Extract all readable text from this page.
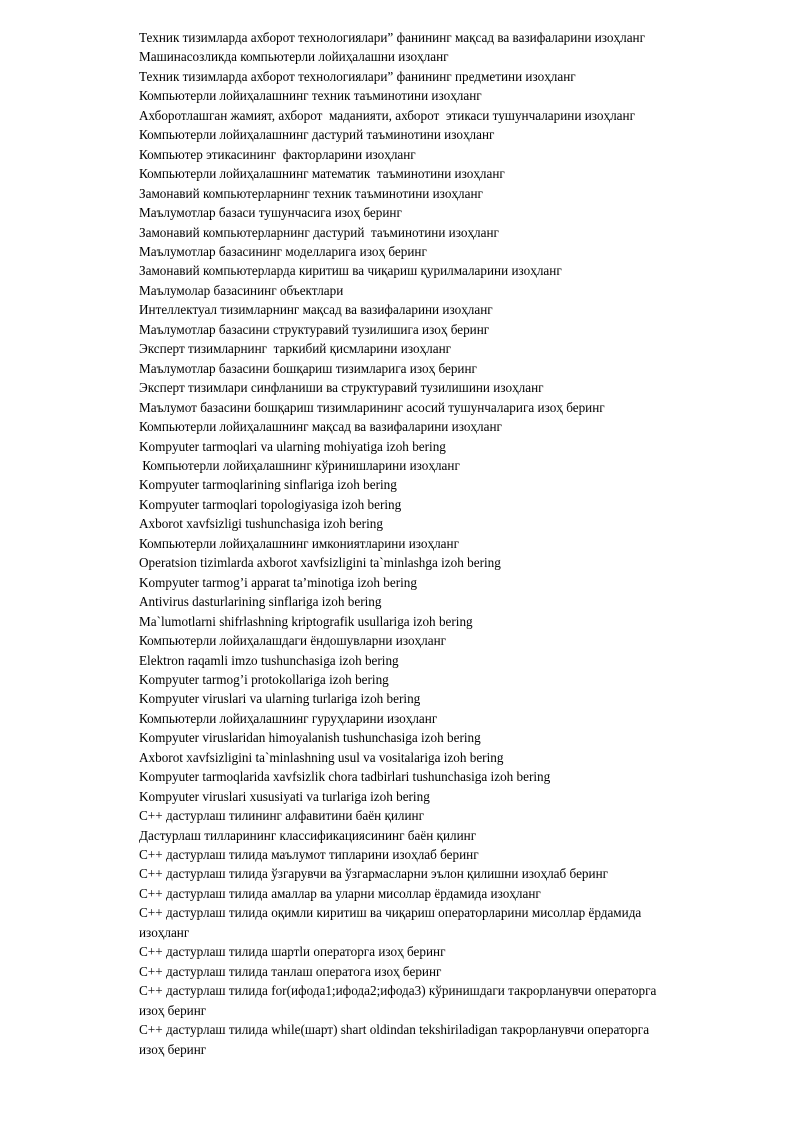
Техник тизимларда ахборот технологиялари” фанининг мақсад ва вазифаларини изоҳланг
Машинасозликда компьютерли лойиҳалашни изоҳланг
Техник тизимларда ахборот технологиялари” фанининг предметини изоҳланг
Компьютерли лойиҳалашнинг техник таъминотини изоҳланг
Ахборотлашган жамият, ахборот  маданияти, ахборот  этикаси тушунчаларини изоҳланг
Компьютерли лойиҳалашнинг дастурий таъминотини изоҳланг
Компьютер этикасининг  факторларини изоҳланг
Компьютерли лойиҳалашнинг математик  таъминотини изоҳланг
Замонавий компьютерларнинг техник таъминотини изоҳланг
Маълумотлар базаси тушунчасига изоҳ беринг
Замонавий компьютерларнинг дастурий  таъминотини изоҳланг
Маълумотлар базасининг моделларига изоҳ беринг
Замонавий компьютерларда киритиш ва чиқариш қурилмаларини изоҳланг
Маълумолар базасининг объектлари
Интеллектуал тизимларнинг мақсад ва вазифаларини изоҳланг
Маълумотлар базасини структуравий тузилишига изоҳ беринг
Эксперт тизимларнинг  таркибий қисмларини изоҳланг
Маълумотлар базасини бошқариш тизимларига изоҳ беринг
Эксперт тизимлари синфланиши ва структуравий тузилишини изоҳланг
Маълумот базасини бошқариш тизимларининг асосий тушунчаларига изоҳ беринг
Компьютерли лойиҳалашнинг мақсад ва вазифаларини изоҳланг
Kompyuter tarmoqlari va ularning mohiyatiga izoh bering
Компьютерли лойиҳалашнинг кўринишларини изоҳланг
Kompyuter tarmoqlarining sinflariga izoh bering
Kompyuter tarmoqlari topologiyasiga izoh bering
Axborot xavfsizligi tushunchasiga izoh bering
Компьютерли лойиҳалашнинг имкониятларини изоҳланг
Operatsion tizimlarda axborot xavfsizligini ta`minlashga izoh bering
Kompyuter tarmog’i apparat ta’minotiga izoh bering
Antivirus dasturlarining sinflariga izoh bering
Ma`lumotlarni shifrlashning kriptografik usullariga izoh bering
Компьютерли лойиҳалашдаги ёндошувларни изоҳланг
Elektron raqamli imzo tushunchasiga izoh bering
Kompyuter tarmog’i protokollariga izoh bering
Kompyuter viruslari va ularning turlariga izoh bering
Компьютерли лойиҳалашнинг гуруҳларини изоҳланг
Kompyuter viruslaridan himoyalanish tushunchasiga izoh bering
Axborot xavfsizligini ta`minlashning usul va vositalariga izoh bering
Kompyuter tarmoqlarida xavfsizlik chora tadbirlari tushunchasiga izoh bering
Kompyuter viruslari xususiyati va turlariga izoh bering
C++ дастурлаш тилининг алфавитини баён қилинг
Дастурлаш тилларининг классификациясининг баён қилинг
C++ дастурлаш тилида маълумот типларини изоҳлаб беринг
C++ дастурлаш тилида ўзгарувчи ва ўзгармасларни эълон қилишни изоҳлаб беринг
C++ дастурлаш тилида амаллар ва уларни мисоллар ёрдамида изоҳланг
C++ дастурлаш тилида оқимли киритиш ва чиқариш операторларини мисоллар ёрдамида
изоҳланг
C++ дастурлаш тилида шартlи операторга изоҳ беринг
C++ дастурлаш тилида танлаш оператога изоҳ беринг
C++ дастурлаш тилида for(ифода1;ифода2;ифода3) кўринишдаги такрорланувчи операторга
изоҳ беринг
C++ дастурлаш тилида while(шарт) shart oldindan tekshiriladigan такрорланувчи операторга
изоҳ беринг
